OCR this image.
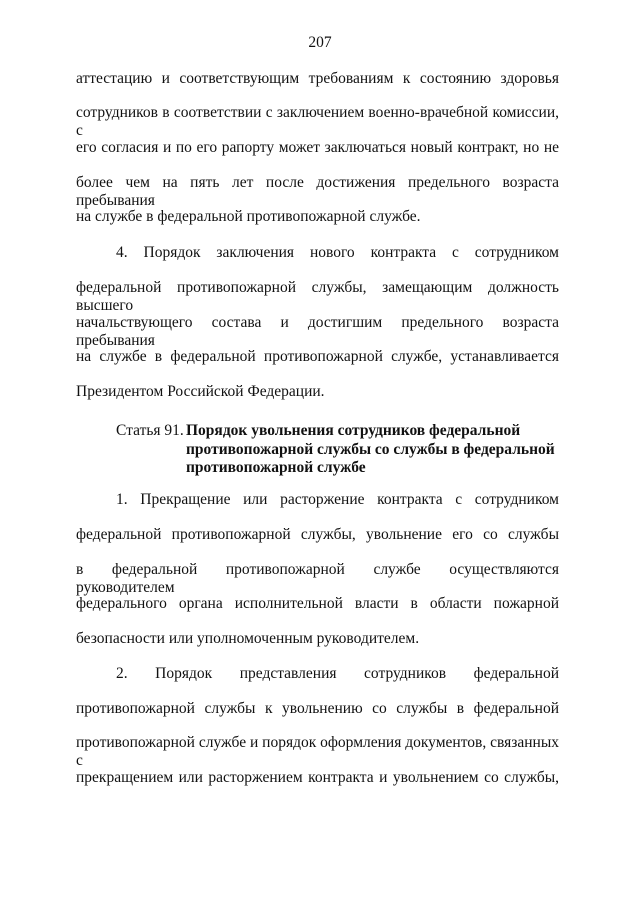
207
аттестацию и соответствующим требованиям к состоянию здоровья
сотрудников в соответствии с заключением военно-врачебной комиссии, с
его согласия и по его рапорту может заключаться новый контракт, но не
более чем на пять лет после достижения предельного возраста пребывания
на службе в федеральной противопожарной службе.
4. Порядок заключения нового контракта с сотрудником
федеральной противопожарной службы, замещающим должность высшего
начальствующего состава и достигшим предельного возраста пребывания
на службе в федеральной противопожарной службе, устанавливается
Президентом Российской Федерации.
Статья 91. Порядок увольнения сотрудников федеральной
противопожарной службы со службы в федеральной
противопожарной службе
1. Прекращение или расторжение контракта с сотрудником
федеральной противопожарной службы, увольнение его со службы
в федеральной противопожарной службе осуществляются руководителем
федерального органа исполнительной власти в области пожарной
безопасности или уполномоченным руководителем.
2. Порядок представления сотрудников федеральной
противопожарной службы к увольнению со службы в федеральной
противопожарной службе и порядок оформления документов, связанных с
прекращением или расторжением контракта и увольнением со службы,
